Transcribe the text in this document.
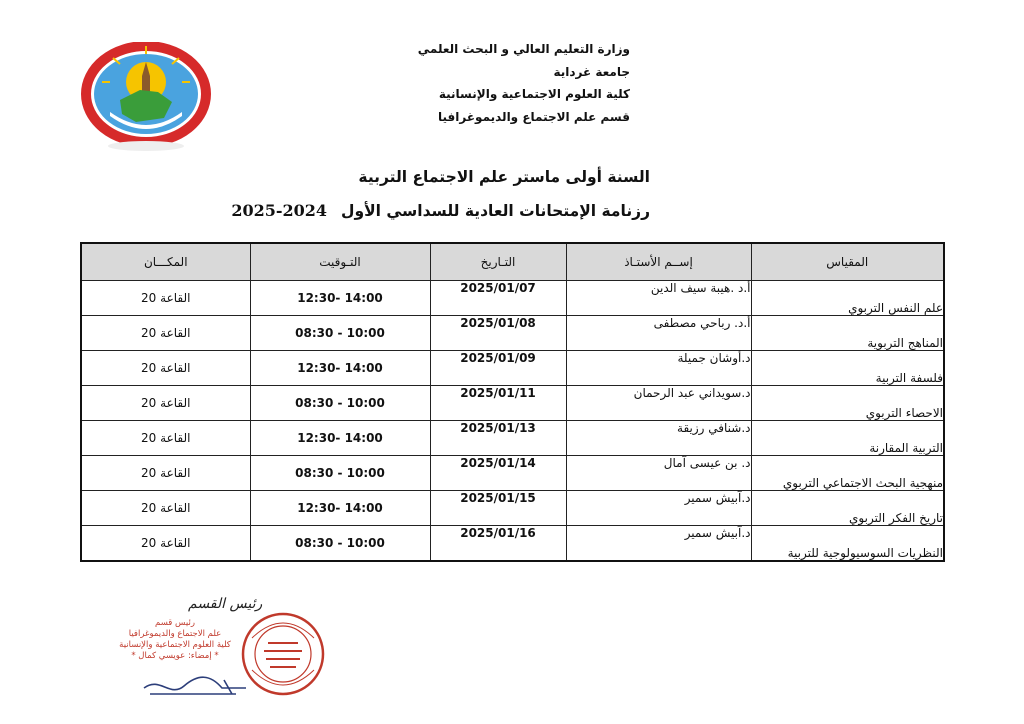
وزارة التعليم العالي و البحث العلمي
جامعة غرداية
كلية العلوم الاجتماعية والإنسانية
قسم علم الاجتماع والديموغرافيا
السنة أولى ماستر علم الاجتماع التربية
رزنامة الإمتحانات العادية للسداسي الأول2024-2025
المقياس	إســم الأستـاذ	التـاريخ	التـوقيت	المكـــان
علم النفس التربوي	أ.د .هيبة سيف الدين	2025/01/07	12:30- 14:00	القاعة 20
المناهج التربوية	أ.د. رباحي مصطفى	2025/01/08	08:30 - 10:00	القاعة 20
فلسفة التربية	د.أوشان جميلة	2025/01/09	12:30- 14:00	القاعة 20
الاحصاء التربوي	د.سويداني عبد الرحمان	2025/01/11	08:30 - 10:00	القاعة 20
التربية المقارنة	د.شنافي رزيقة	2025/01/13	12:30- 14:00	القاعة 20
منهجية البحث الاجتماعي التربوي	د. بن عيسى آمال	2025/01/14	08:30 - 10:00	القاعة 20
تاريخ الفكر التربوي	د.آبيش سمير	2025/01/15	12:30- 14:00	القاعة 20
النظريات السوسيولوجية للتربية	د.آبيش سمير	2025/01/16	08:30 - 10:00	القاعة 20
رئيس القسم
رئيس قسم
علم الاجتماع والديموغرافيا
كلية العلوم الاجتماعية والإنسانية
* إمضاء: عويسي كمال *
